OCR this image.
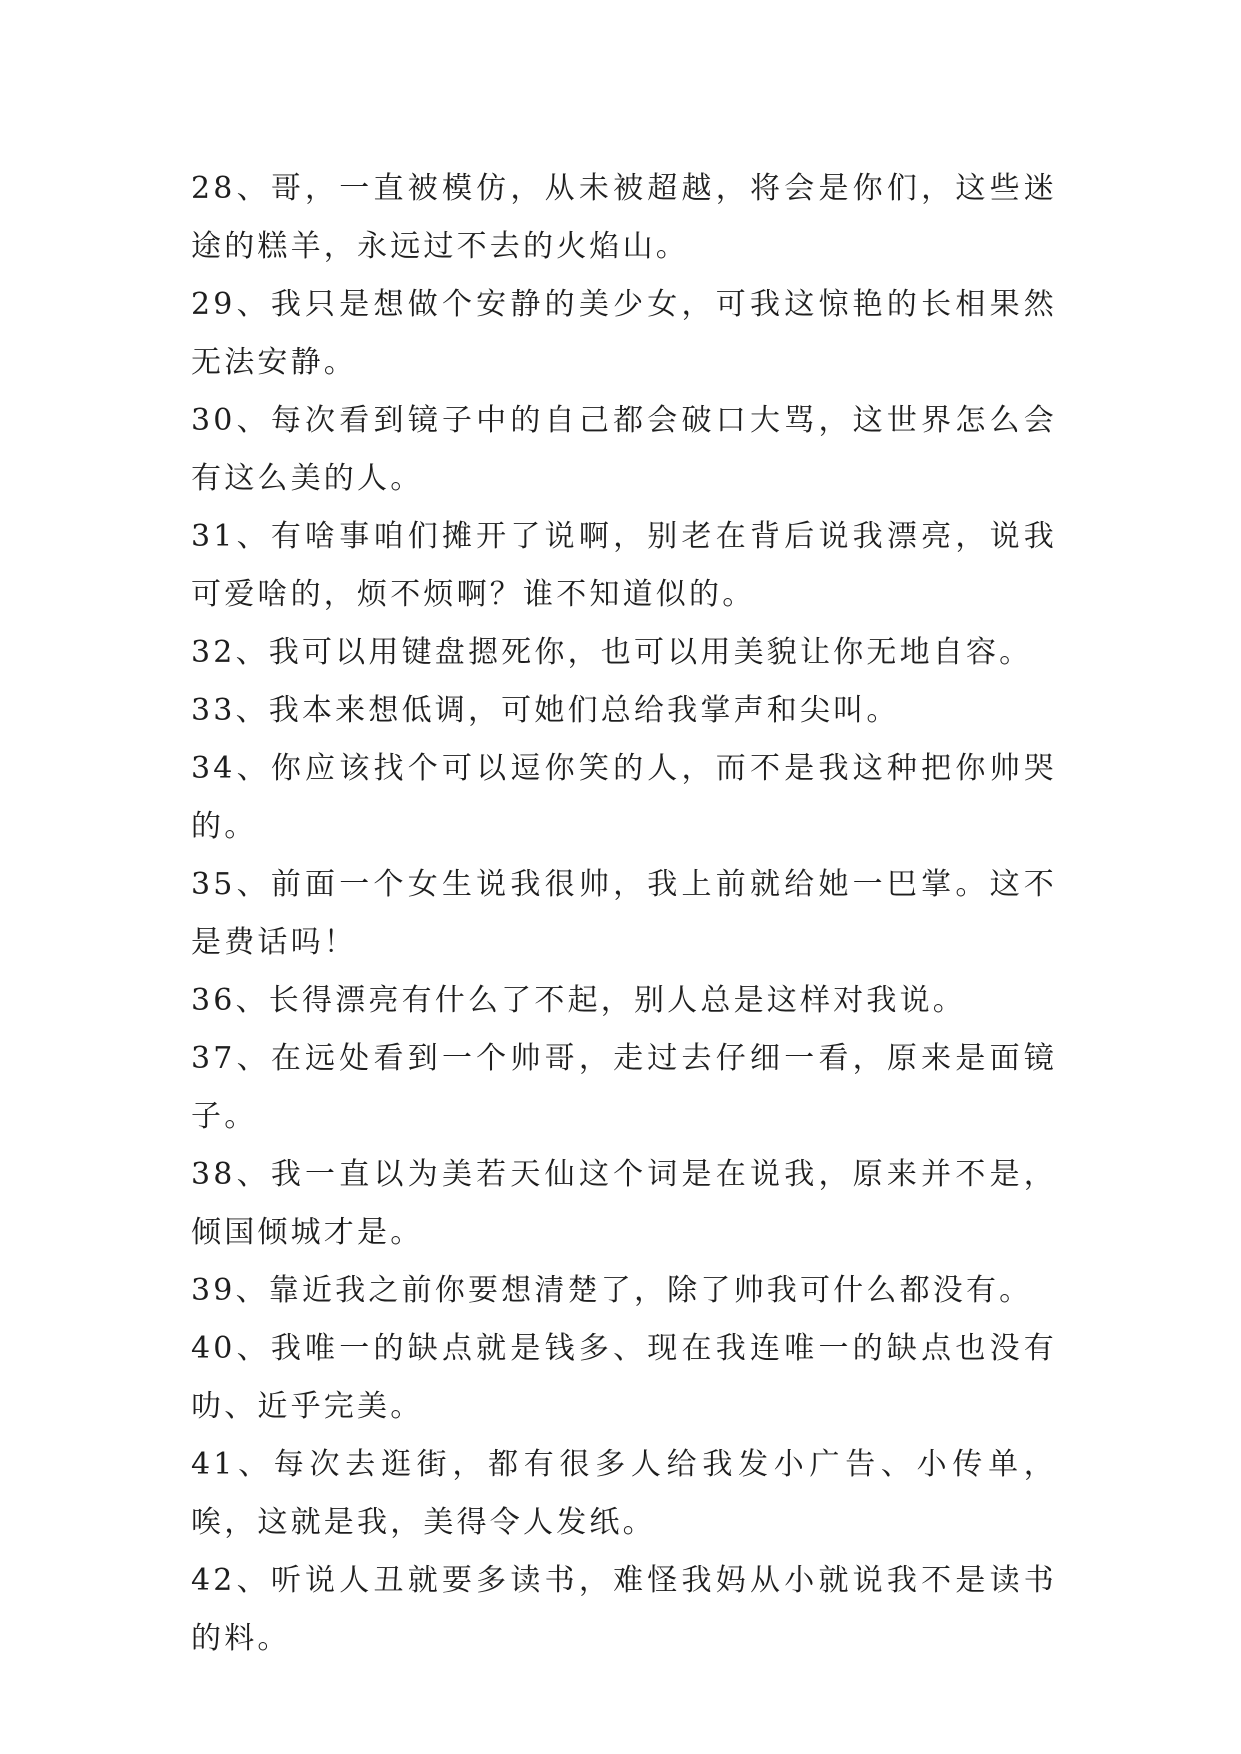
28、哥，一直被模仿，从未被超越，将会是你们，这些迷途的糕羊，永远过不去的火焰山。

29、我只是想做个安静的美少女，可我这惊艳的长相果然无法安静。

30、每次看到镜子中的自己都会破口大骂，这世界怎么会有这么美的人。

31、有啥事咱们摊开了说啊，别老在背后说我漂亮，说我可爱啥的，烦不烦啊？谁不知道似的。

32、我可以用键盘摁死你，也可以用美貌让你无地自容。

33、我本来想低调，可她们总给我掌声和尖叫。

34、你应该找个可以逗你笑的人，而不是我这种把你帅哭的。

35、前面一个女生说我很帅，我上前就给她一巴掌。这不是费话吗！

36、长得漂亮有什么了不起，别人总是这样对我说。

37、在远处看到一个帅哥，走过去仔细一看，原来是面镜子。

38、我一直以为美若天仙这个词是在说我，原来并不是，倾国倾城才是。

39、靠近我之前你要想清楚了，除了帅我可什么都没有。

40、我唯一的缺点就是钱多、现在我连唯一的缺点也没有叻、近乎完美。

41、每次去逛街，都有很多人给我发小广告、小传单，唉，这就是我，美得令人发纸。

42、听说人丑就要多读书，难怪我妈从小就说我不是读书的料。
